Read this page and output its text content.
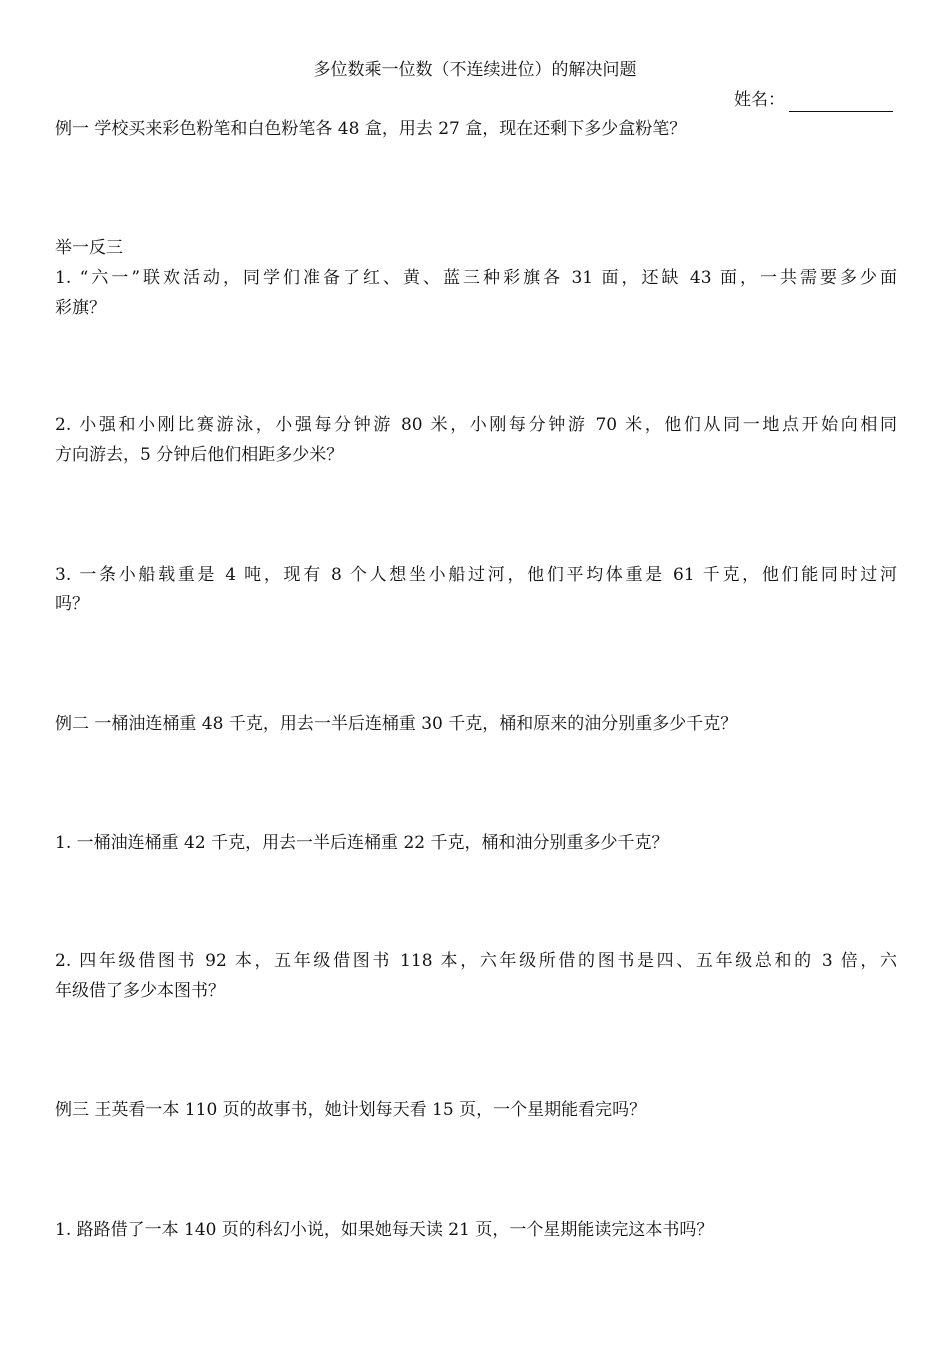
多位数乘一位数（不连续进位）的解决问题
姓名：
例一 学校买来彩色粉笔和白色粉笔各 48 盒，用去 27 盒，现在还剩下多少盒粉笔？
举一反三
1. “六一”联欢活动，同学们准备了红、黄、蓝三种彩旗各 31 面，还缺 43 面，一共需要多少面
彩旗？
2. 小强和小刚比赛游泳，小强每分钟游 80 米，小刚每分钟游 70 米，他们从同一地点开始向相同
方向游去，5 分钟后他们相距多少米？
3. 一条小船载重是 4 吨，现有 8 个人想坐小船过河，他们平均体重是 61 千克，他们能同时过河
吗？
例二 一桶油连桶重 48 千克，用去一半后连桶重 30 千克，桶和原来的油分别重多少千克？
1. 一桶油连桶重 42 千克，用去一半后连桶重 22 千克，桶和油分别重多少千克？
2. 四年级借图书 92 本，五年级借图书 118 本，六年级所借的图书是四、五年级总和的 3 倍，六
年级借了多少本图书？
例三 王英看一本 110 页的故事书，她计划每天看 15 页，一个星期能看完吗？
1. 路路借了一本 140 页的科幻小说，如果她每天读 21 页，一个星期能读完这本书吗？
